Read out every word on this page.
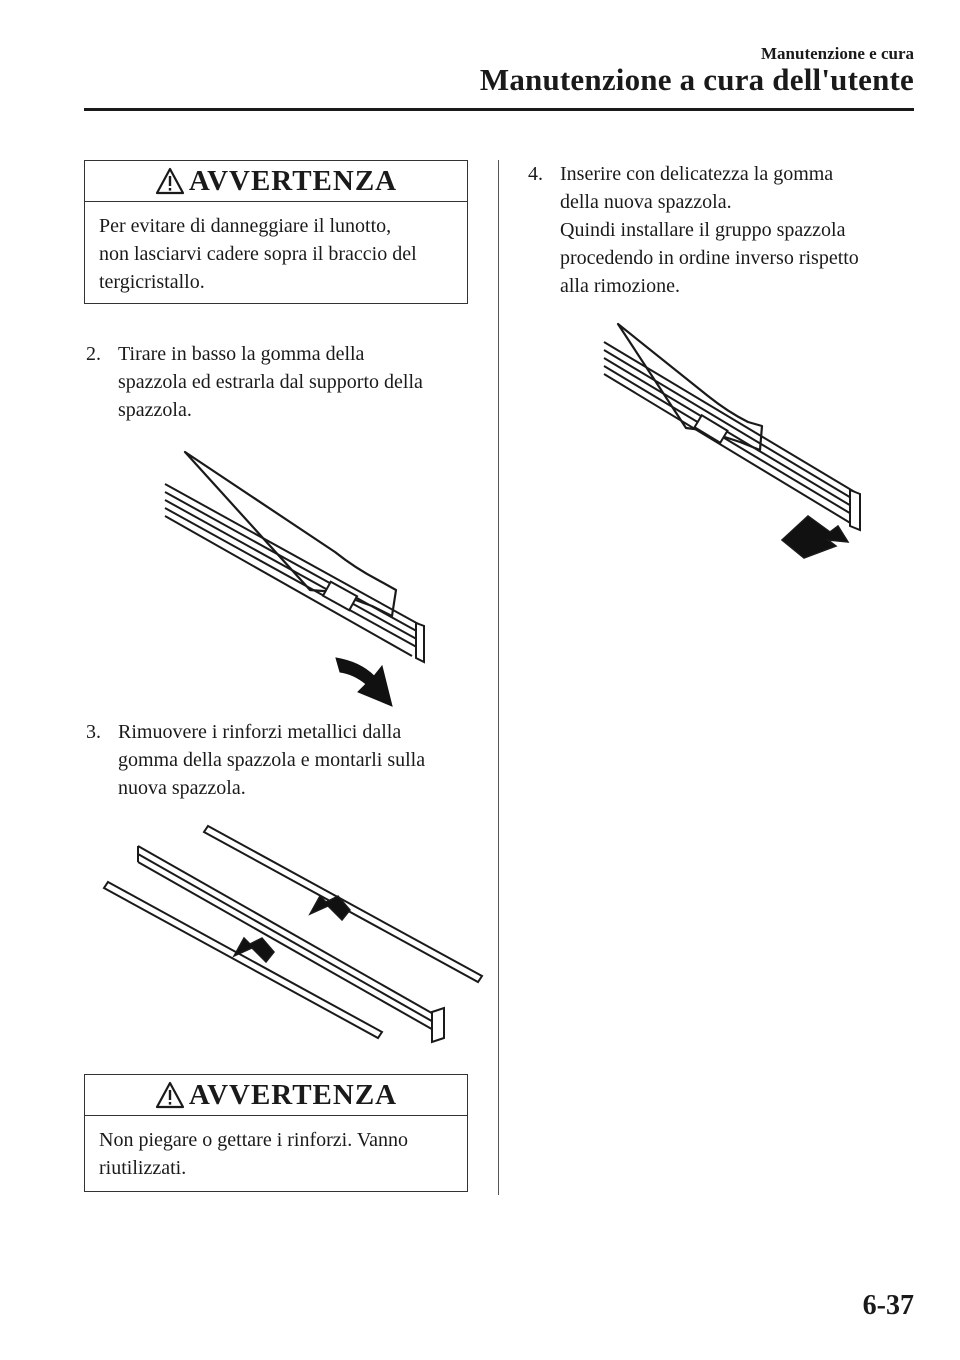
Manutenzione e cura
Manutenzione a cura dell'utente
AVVERTENZA
Per evitare di danneggiare il lunotto,
non lasciarvi cadere sopra il braccio del
tergicristallo.
2. Tirare in basso la gomma della
spazzola ed estrarla dal supporto della
spazzola.
3. Rimuovere i rinforzi metallici dalla
gomma della spazzola e montarli sulla
nuova spazzola.
AVVERTENZA
Non piegare o gettare i rinforzi. Vanno
riutilizzati.
4. Inserire con delicatezza la gomma
della nuova spazzola.
Quindi installare il gruppo spazzola
procedendo in ordine inverso rispetto
alla rimozione.
6-37
